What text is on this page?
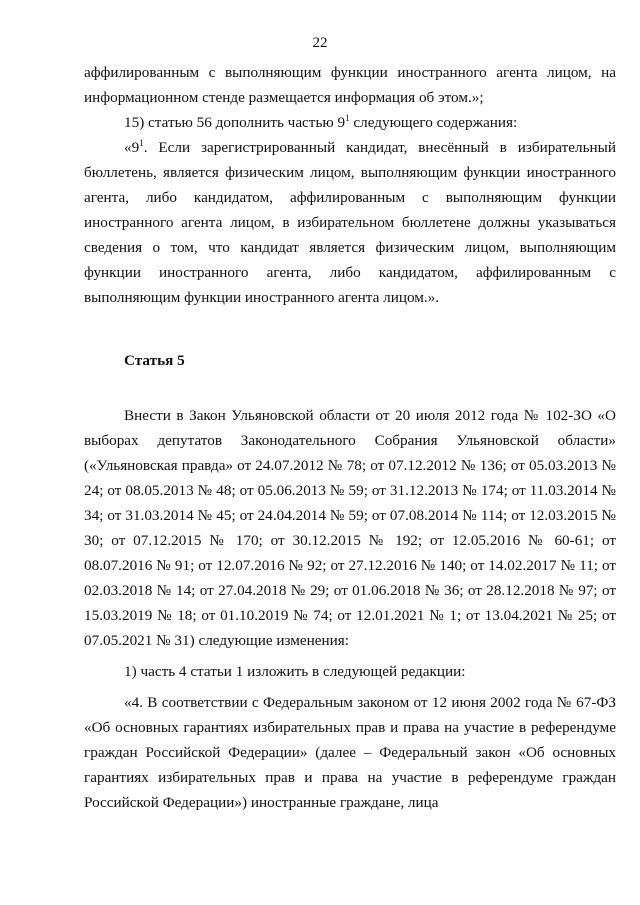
22

аффилированным с выполняющим функции иностранного агента лицом, на информационном стенде размещается информация об этом.»;

15) статью 56 дополнить частью $9^1$ следующего содержания:

«$9^1$. Если зарегистрированный кандидат, внесённый в избирательный бюллетень, является физическим лицом, выполняющим функции иностранного агента, либо кандидатом, аффилированным с выполняющим функции иностранного агента лицом, в избирательном бюллетене должны указываться сведения о том, что кандидат является физическим лицом, выполняющим функции иностранного агента, либо кандидатом, аффилированным с выполняющим функции иностранного агента лицом.».

Статья 5

Внести в Закон Ульяновской области от 20 июля 2012 года № 102-ЗО «О выборах депутатов Законодательного Собрания Ульяновской области» («Ульяновская правда» от 24.07.2012 № 78; от 07.12.2012 № 136; от 05.03.2013 № 24; от 08.05.2013 № 48; от 05.06.2013 № 59; от 31.12.2013 № 174; от 11.03.2014 № 34; от 31.03.2014 № 45; от 24.04.2014 № 59; от 07.08.2014 № 114; от 12.03.2015 № 30; от 07.12.2015 № 170; от 30.12.2015 № 192; от 12.05.2016 № 60-61; от 08.07.2016 № 91; от 12.07.2016 № 92; от 27.12.2016 № 140; от 14.02.2017 № 11; от 02.03.2018 № 14; от 27.04.2018 № 29; от 01.06.2018 № 36; от 28.12.2018 № 97; от 15.03.2019 № 18; от 01.10.2019 № 74; от 12.01.2021 № 1; от 13.04.2021 № 25; от 07.05.2021 № 31) следующие изменения:

1) часть 4 статьи 1 изложить в следующей редакции:

«4. В соответствии с Федеральным законом от 12 июня 2002 года № 67-ФЗ «Об основных гарантиях избирательных прав и права на участие в референдуме граждан Российской Федерации» (далее – Федеральный закон «Об основных гарантиях избирательных прав и права на участие в референдуме граждан Российской Федерации») иностранные граждане, лица
